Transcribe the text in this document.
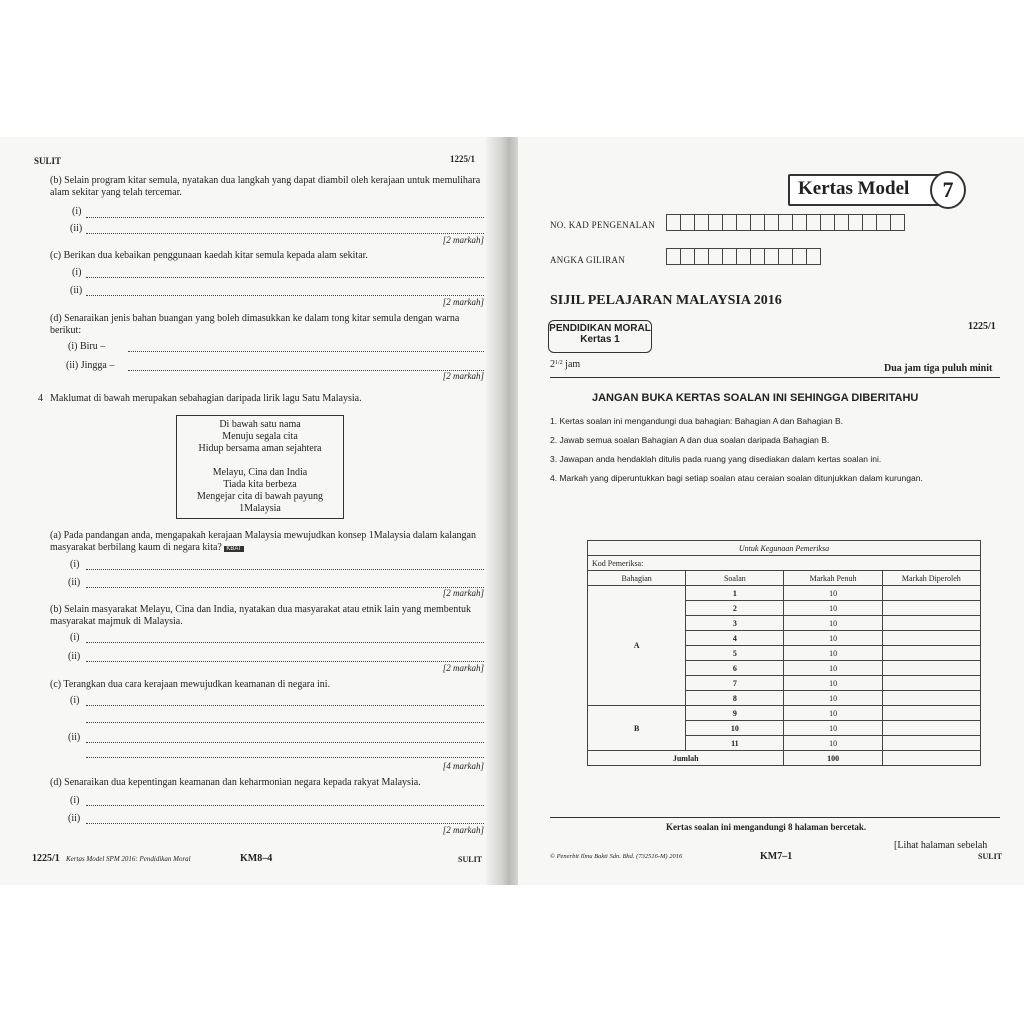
SULIT	1225/1
(b) Selain program kitar semula, nyatakan dua langkah yang dapat diambil oleh kerajaan untuk memulihara alam sekitar yang telah tercemar.
(i)
(ii)
[2 markah]
(c) Berikan dua kebaikan penggunaan kaedah kitar semula kepada alam sekitar.
(i)
(ii)
[2 markah]
(d) Senaraikan jenis bahan buangan yang boleh dimasukkan ke dalam tong kitar semula dengan warna berikut:
(i) Biru –
(ii) Jingga –
[2 markah]
4 Maklumat di bawah merupakan sebahagian daripada lirik lagu Satu Malaysia.
Di bawah satu nama
Menuju segala cita
Hidup bersama aman sejahtera
Melayu, Cina dan India
Tiada kita berbeza
Mengejar cita di bawah payung
1Malaysia
(a) Pada pandangan anda, mengapakah kerajaan Malaysia mewujudkan konsep 1Malaysia dalam kalangan masyarakat berbilang kaum di negara kita? KBAT
(i)
(ii)
[2 markah]
(b) Selain masyarakat Melayu, Cina dan India, nyatakan dua masyarakat atau etnik lain yang membentuk masyarakat majmuk di Malaysia.
(i)
(ii)
[2 markah]
(c) Terangkan dua cara kerajaan mewujudkan keamanan di negara ini.
(i)
(ii)
[4 markah]
(d) Senaraikan dua kepentingan keamanan dan keharmonian negara kepada rakyat Malaysia.
(i)
(ii)
[2 markah]
1225/1 Kertas Model SPM 2016: Pendidikan Moral	KM8–4	SULIT
Kertas Model	7
NO. KAD PENGENALAN
ANGKA GILIRAN
SIJIL PELAJARAN MALAYSIA 2016
PENDIDIKAN MORAL
Kertas 1
1225/1
$2^{1/2}$ jam	Dua jam tiga puluh minit
JANGAN BUKA KERTAS SOALAN INI SEHINGGA DIBERITAHU
1. Kertas soalan ini mengandungi dua bahagian: Bahagian A dan Bahagian B.
2. Jawab semua soalan Bahagian A dan dua soalan daripada Bahagian B.
3. Jawapan anda hendaklah ditulis pada ruang yang disediakan dalam kertas soalan ini.
4. Markah yang diperuntukkan bagi setiap soalan atau ceraian soalan ditunjukkan dalam kurungan.
Untuk Kegunaan Pemeriksa			
Kod Pemeriksa:			
Bahagian	Soalan	Markah Penuh	Markah Diperoleh
A	1	10	
	2	10	
	3	10	
	4	10	
	5	10	
	6	10	
	7	10	
	8	10	
B	9	10	
	10	10	
	11	10	
Jumlah		100	
Kertas soalan ini mengandungi 8 halaman bercetak.
[Lihat halaman sebelah
© Penerbit Ilmu Bakti Sdn. Bhd. (732516-M) 2016	KM7–1	SULIT
